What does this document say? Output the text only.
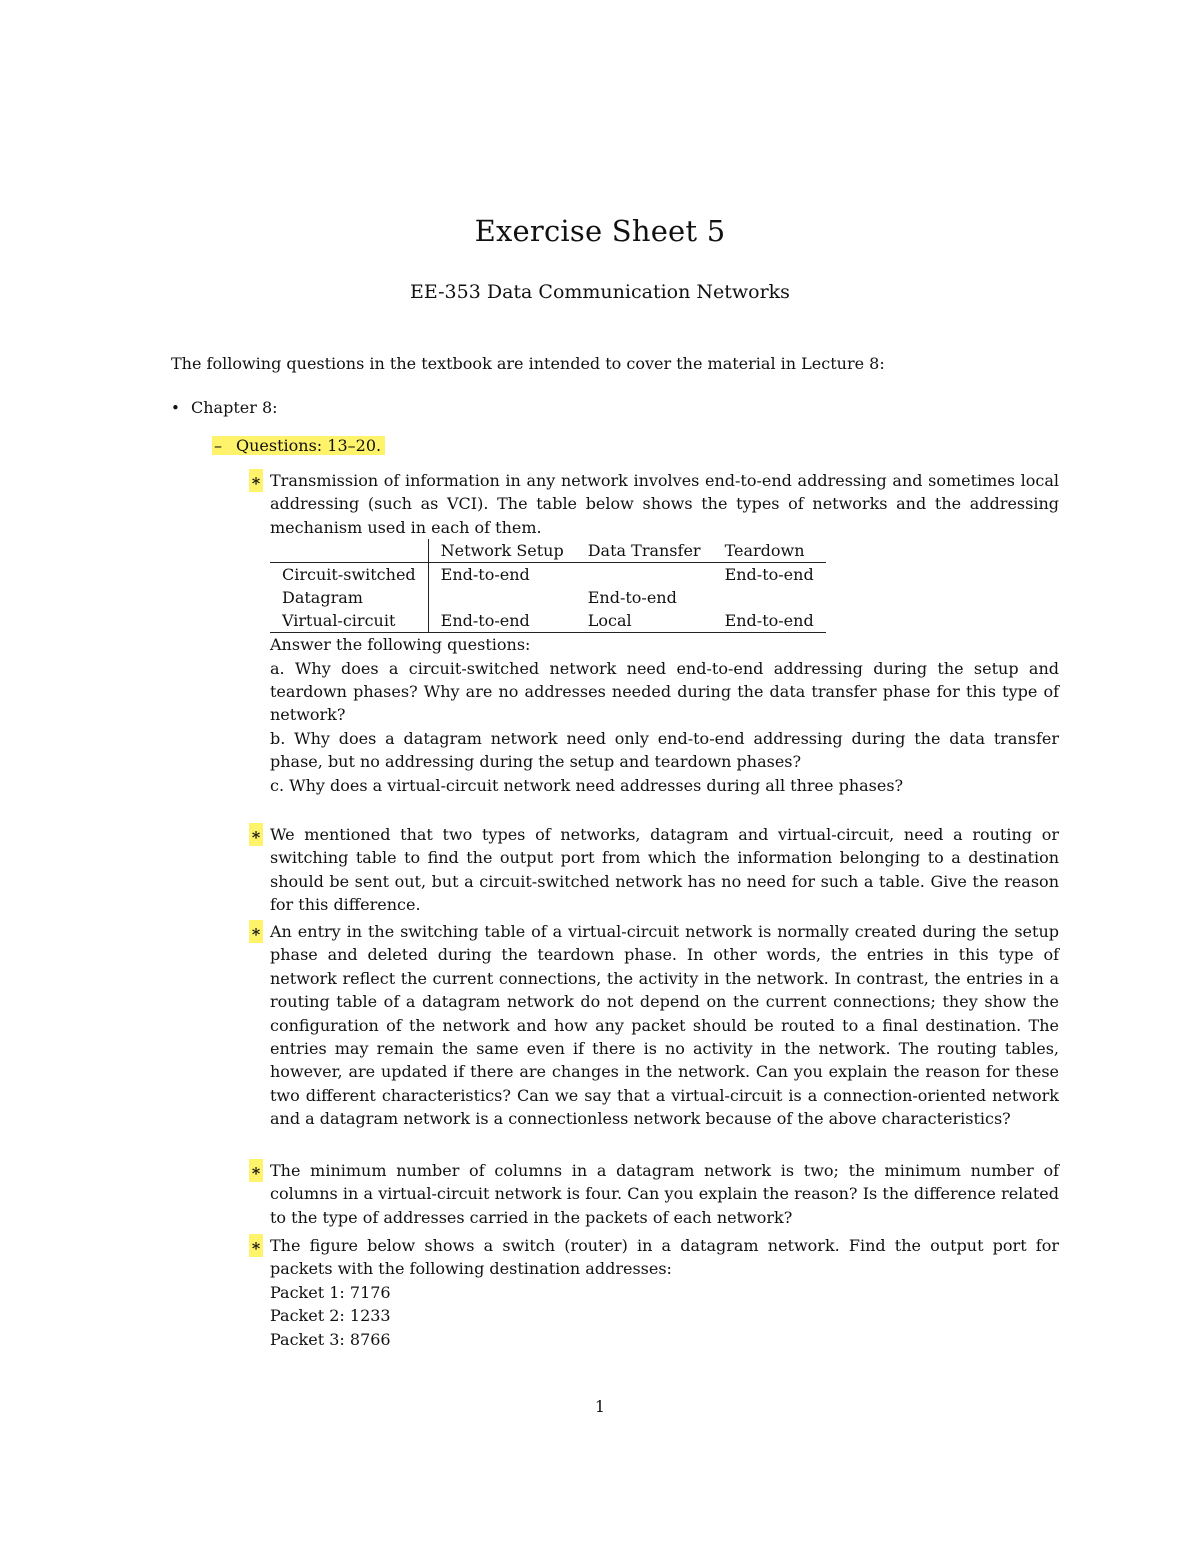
Exercise Sheet 5
EE-353 Data Communication Networks
The following questions in the textbook are intended to cover the material in Lecture 8:
• Chapter 8:
– Questions: 13–20.
∗ Transmission of information in any network involves end-to-end addressing and sometimes local addressing (such as VCI). The table below shows the types of networks and the addressing mechanism used in each of them.

	Network Setup	Data Transfer	Teardown
Circuit-switched	End-to-end		End-to-end
Datagram		End-to-end	
Virtual-circuit	End-to-end	Local	End-to-end

Answer the following questions:

a. Why does a circuit-switched network need end-to-end addressing during the setup and teardown phases? Why are no addresses needed during the data transfer phase for this type of network?

b. Why does a datagram network need only end-to-end addressing during the data transfer phase, but no addressing during the setup and teardown phases?

c. Why does a virtual-circuit network need addresses during all three phases?

∗ We mentioned that two types of networks, datagram and virtual-circuit, need a routing or switching table to find the output port from which the information belonging to a destination should be sent out, but a circuit-switched network has no need for such a table. Give the reason for this difference.

∗ An entry in the switching table of a virtual-circuit network is normally created during the setup phase and deleted during the teardown phase. In other words, the entries in this type of network reflect the current connections, the activity in the network. In contrast, the entries in a routing table of a datagram network do not depend on the current connections; they show the configuration of the network and how any packet should be routed to a final destination. The entries may remain the same even if there is no activity in the network. The routing tables, however, are updated if there are changes in the network. Can you explain the reason for these two different characteristics? Can we say that a virtual-circuit is a connection-oriented network and a datagram network is a connectionless network because of the above characteristics?

∗ The minimum number of columns in a datagram network is two; the minimum number of columns in a virtual-circuit network is four. Can you explain the reason? Is the difference related to the type of addresses carried in the packets of each network?

∗ The figure below shows a switch (router) in a datagram network. Find the output port for packets with the following destination addresses:

Packet 1: 7176

Packet 2: 1233

Packet 3: 8766

1
